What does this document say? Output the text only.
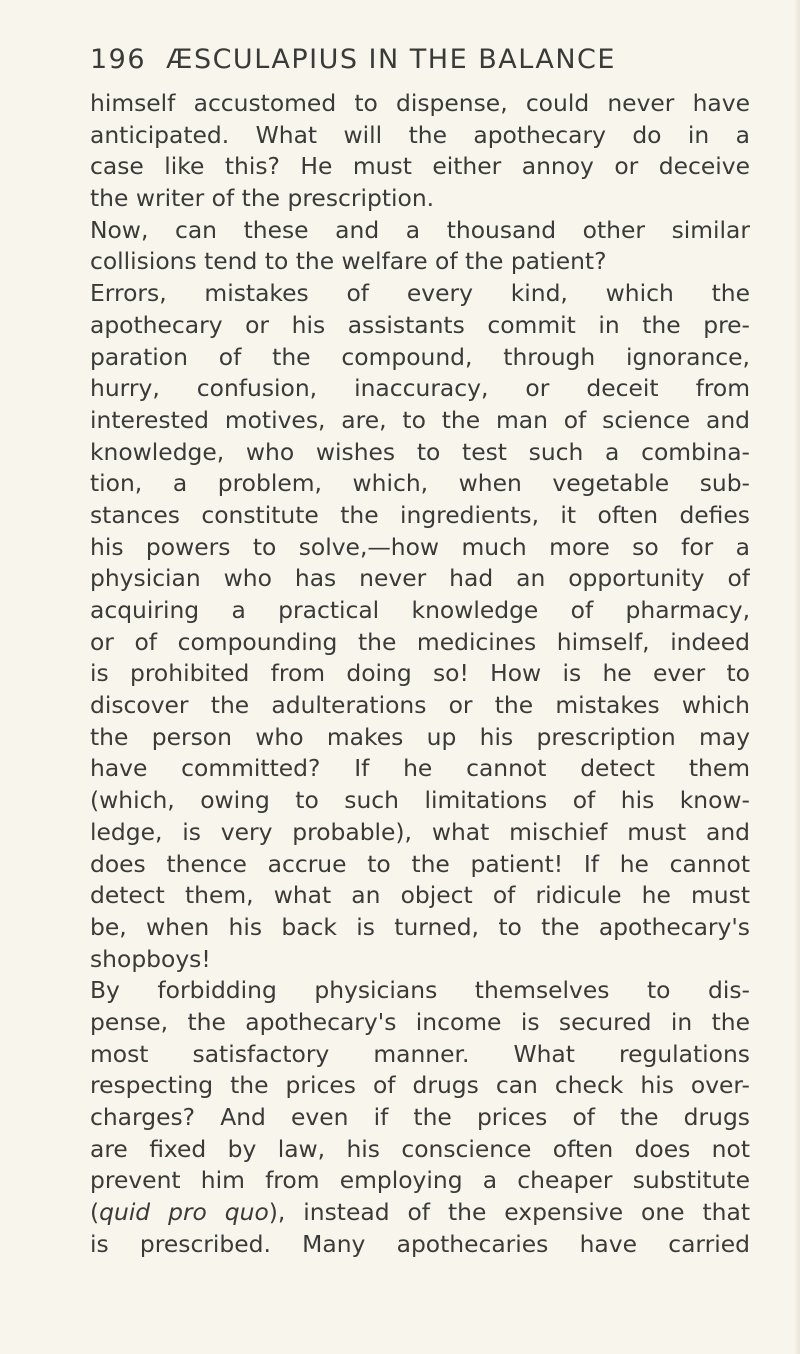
196 ÆSCULAPIUS IN THE BALANCE
himself accustomed to dispense, could never have
anticipated. What will the apothecary do in a
case like this? He must either annoy or deceive
the writer of the prescription.
Now, can these and a thousand other similar
collisions tend to the welfare of the patient?
Errors, mistakes of every kind, which the
apothecary or his assistants commit in the pre-
paration of the compound, through ignorance,
hurry, confusion, inaccuracy, or deceit from
interested motives, are, to the man of science and
knowledge, who wishes to test such a combina-
tion, a problem, which, when vegetable sub-
stances constitute the ingredients, it often defies
his powers to solve,—how much more so for a
physician who has never had an opportunity of
acquiring a practical knowledge of pharmacy,
or of compounding the medicines himself, indeed
is prohibited from doing so! How is he ever to
discover the adulterations or the mistakes which
the person who makes up his prescription may
have committed? If he cannot detect them
(which, owing to such limitations of his know-
ledge, is very probable), what mischief must and
does thence accrue to the patient! If he cannot
detect them, what an object of ridicule he must
be, when his back is turned, to the apothecary's
shopboys!
By forbidding physicians themselves to dis-
pense, the apothecary's income is secured in the
most satisfactory manner. What regulations
respecting the prices of drugs can check his over-
charges? And even if the prices of the drugs
are fixed by law, his conscience often does not
prevent him from employing a cheaper substitute
(quid pro quo), instead of the expensive one that
is prescribed. Many apothecaries have carried
